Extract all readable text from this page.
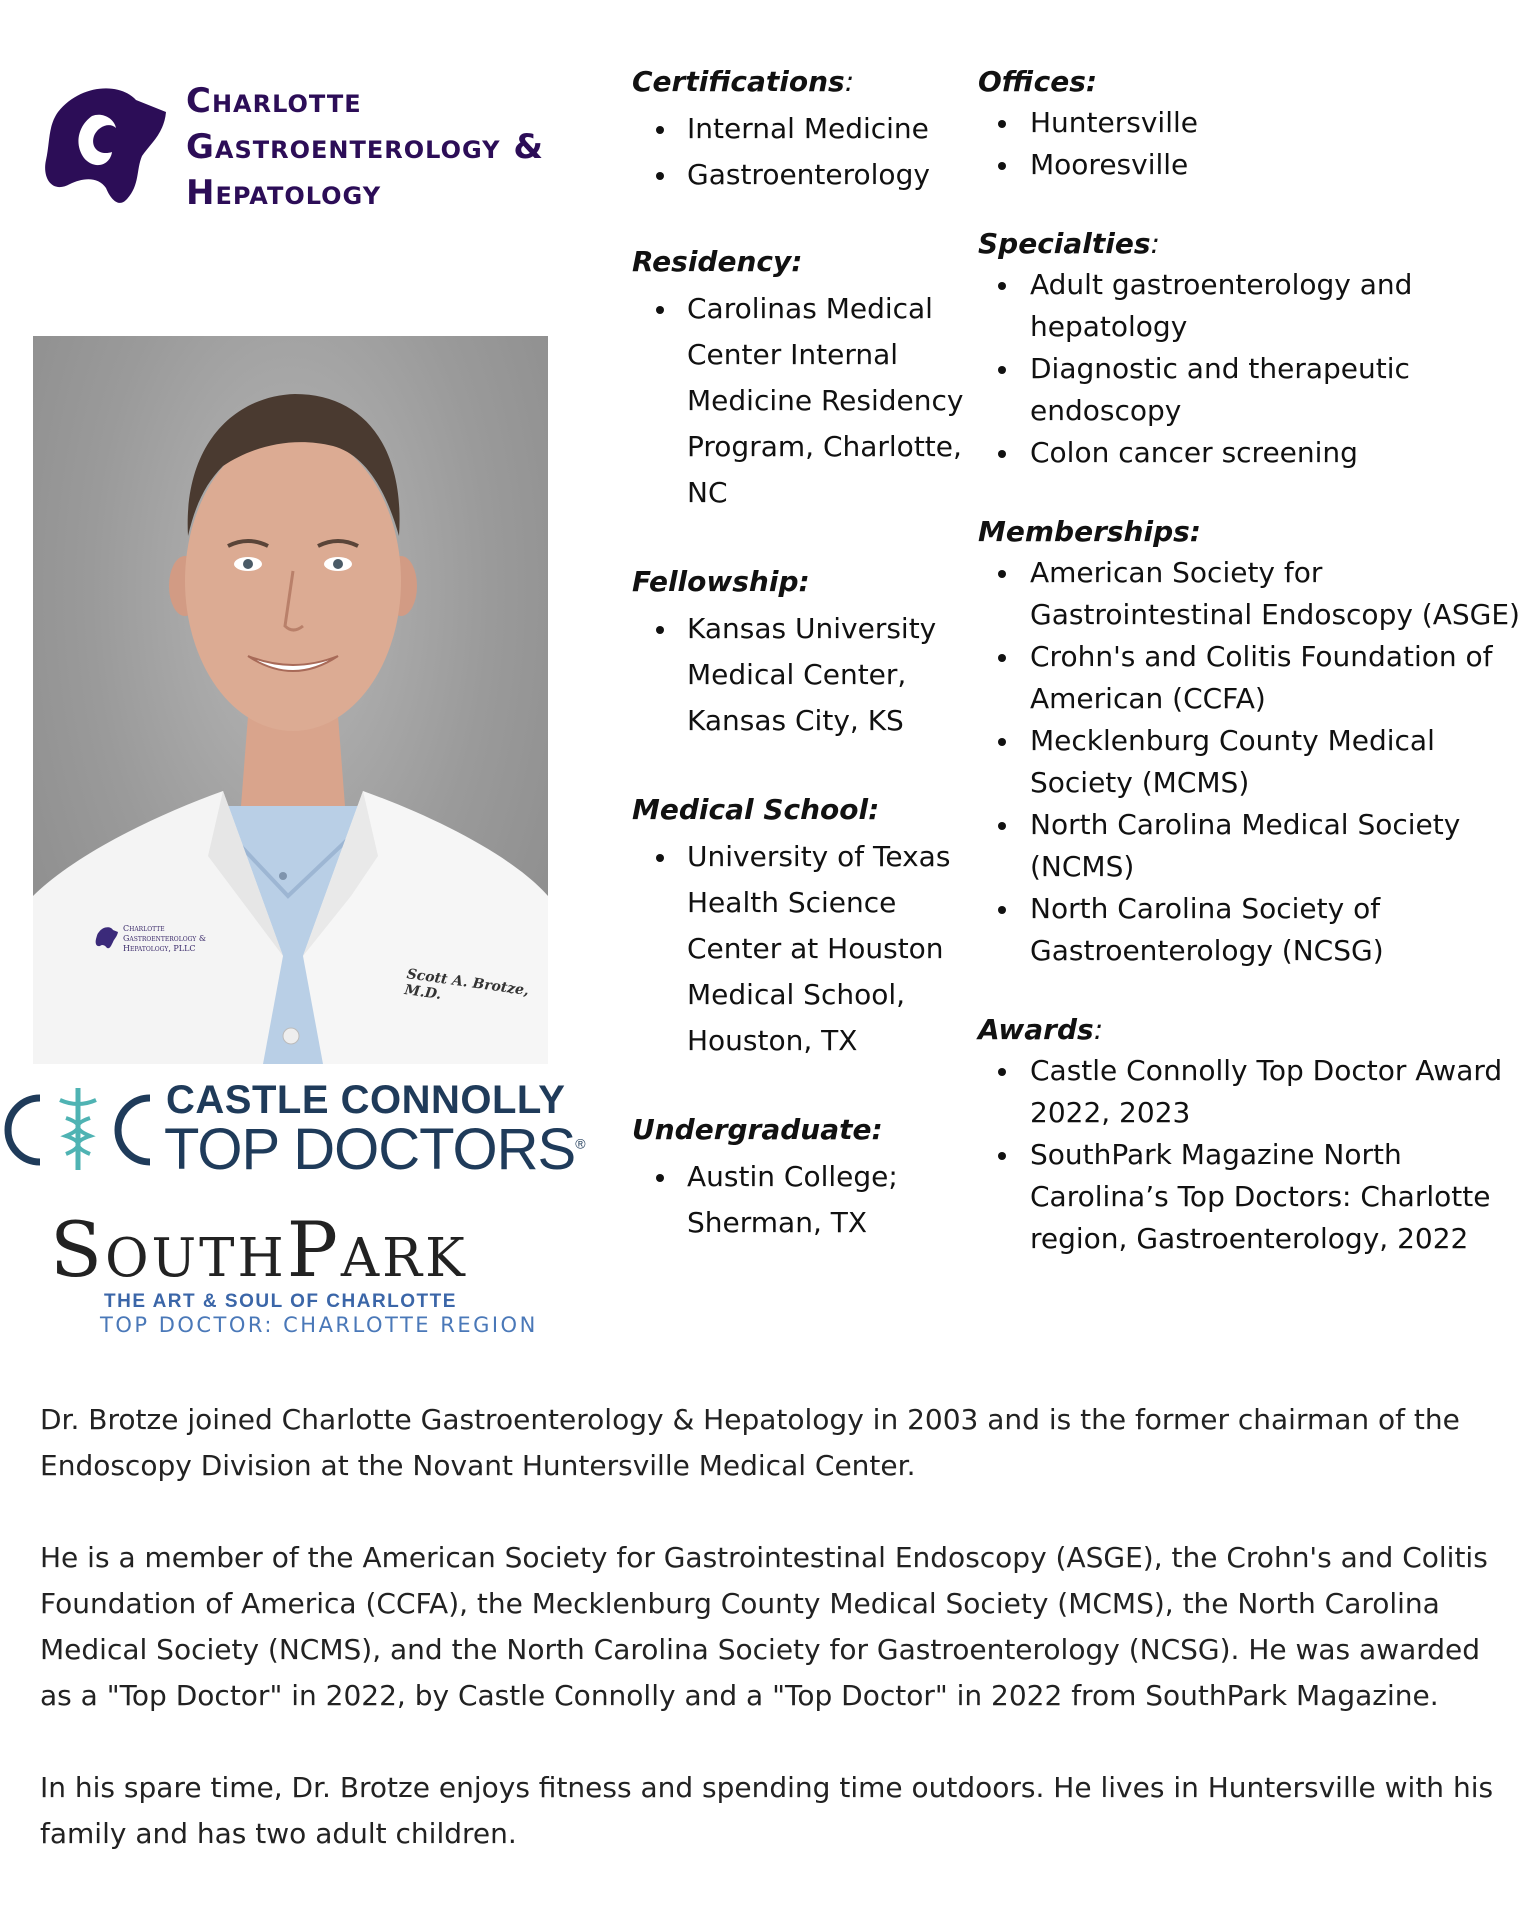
Charlotte
Gastroenterology &
Hepatology
Charlotte
Gastroenterology &
Hepatology, PLLC
Scott A. Brotze, M.D.
CASTLE CONNOLLY
TOP DOCTORS®
SouthPark
THE ART & SOUL OF CHARLOTTE
TOP DOCTOR: CHARLOTTE REGION
Certifications:
Internal Medicine
Gastroenterology
Residency:
Carolinas Medical Center Internal Medicine Residency Program, Charlotte, NC
Fellowship:
Kansas University Medical Center, Kansas City, KS
Medical School:
University of Texas Health Science Center at Houston Medical School, Houston, TX
Undergraduate:
Austin College; Sherman, TX
Offices:
Huntersville
Mooresville
Specialties:
Adult gastroenterology and hepatology
Diagnostic and therapeutic endoscopy
Colon cancer screening
Memberships:
American Society for Gastrointestinal Endoscopy (ASGE)
Crohn's and Colitis Foundation of American (CCFA)
Mecklenburg County Medical Society (MCMS)
North Carolina Medical Society (NCMS)
North Carolina Society of Gastroenterology (NCSG)
Awards:
Castle Connolly Top Doctor Award 2022, 2023
SouthPark Magazine North Carolina’s Top Doctors: Charlotte region, Gastroenterology, 2022

Dr. Brotze joined Charlotte Gastroenterology & Hepatology in 2003 and is the former chairman of the Endoscopy Division at the Novant Huntersville Medical Center.

He is a member of the American Society for Gastrointestinal Endoscopy (ASGE), the Crohn's and Colitis Foundation of America (CCFA), the Mecklenburg County Medical Society (MCMS), the North Carolina Medical Society (NCMS), and the North Carolina Society for Gastroenterology (NCSG). He was awarded as a "Top Doctor" in 2022, by Castle Connolly and a "Top Doctor" in 2022 from SouthPark Magazine.

In his spare time, Dr. Brotze enjoys fitness and spending time outdoors. He lives in Huntersville with his family and has two adult children.
